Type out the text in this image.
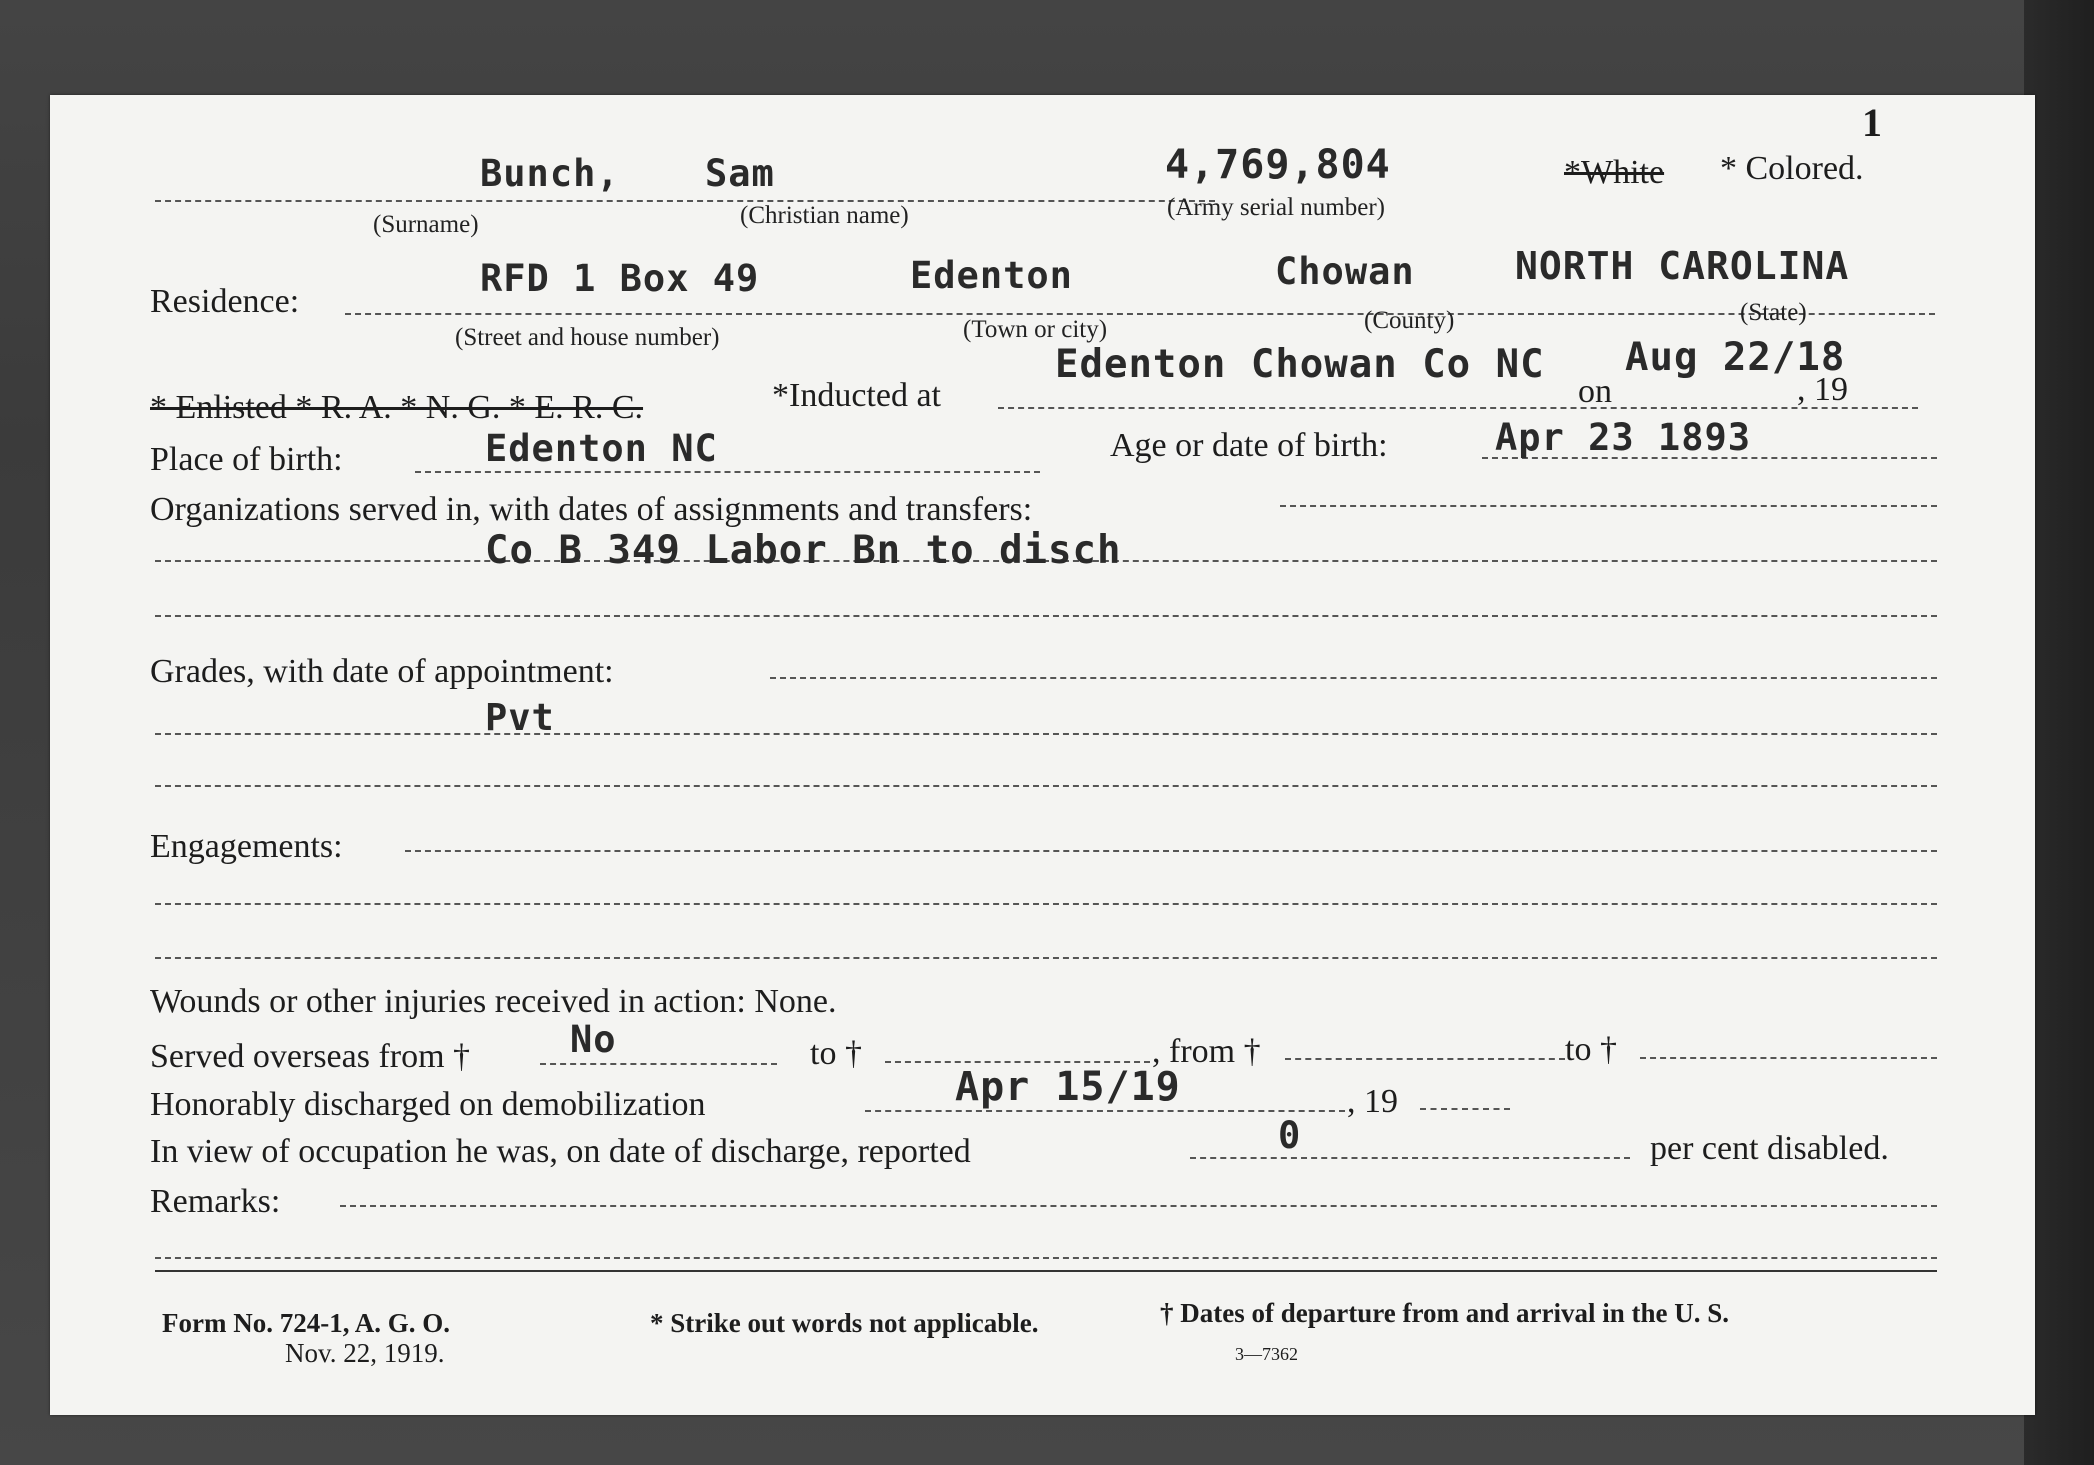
1
Bunch, Sam	4,769,804
(Surname)	(Christian name)	(Army serial number)
*White * Colored.
Residence:
RFD 1 Box 49	Edenton	Chowan	NORTH CAROLINA
(Street and house number)	(Town or city)	(County)	(State)
* Enlisted * R. A. * N. G. * E. R. C.	*Inducted at
Edenton Chowan Co NC
on
Aug 22/18
, 19
Place of birth:	Edenton NC	Age or date of birth:	Apr 23 1893
Organizations served in, with dates of assignments and transfers:
Co B 349 Labor Bn to disch
Grades, with date of appointment:
Pvt
Engagements:
Wounds or other injuries received in action: None.
Served overseas from †	No	to †	, from †	to †
Honorably discharged on demobilization	Apr 15/19	, 19
In view of occupation he was, on date of discharge, reported	0	per cent disabled.
Remarks:
Form No. 724-1, A. G. O.
Nov. 22, 1919.
* Strike out words not applicable.	† Dates of departure from and arrival in the U. S.
3—7362
